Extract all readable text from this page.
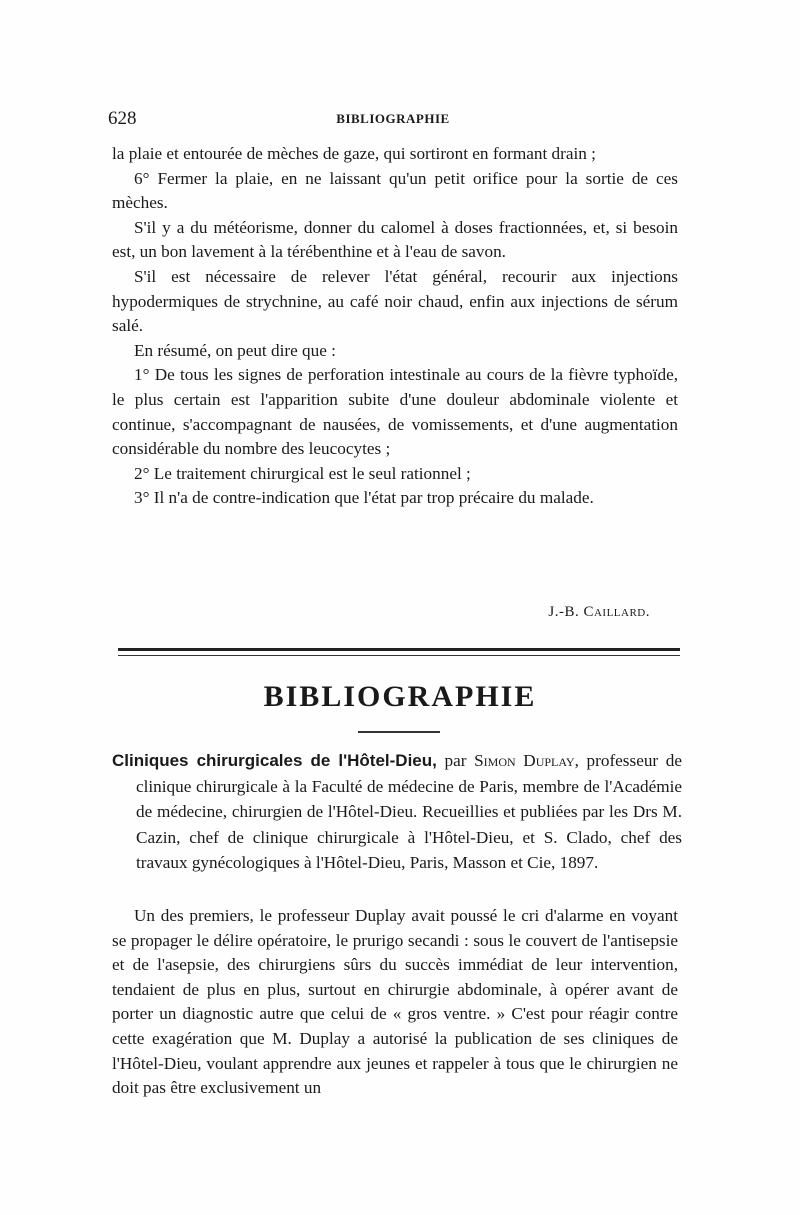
628	BIBLIOGRAPHIE

la plaie et entourée de mèches de gaze, qui sortiront en formant drain ;

6° Fermer la plaie, en ne laissant qu'un petit orifice pour la sortie de ces mèches.

S'il y a du météorisme, donner du calomel à doses fractionnées, et, si besoin est, un bon lavement à la térébenthine et à l'eau de savon.

S'il est nécessaire de relever l'état général, recourir aux injections hypodermiques de strychnine, au café noir chaud, enfin aux injections de sérum salé.

En résumé, on peut dire que :

1° De tous les signes de perforation intestinale au cours de la fièvre typhoïde, le plus certain est l'apparition subite d'une douleur abdominale violente et continue, s'accompagnant de nausées, de vomissements, et d'une augmentation considérable du nombre des leucocytes ;

2° Le traitement chirurgical est le seul rationnel ;

3° Il n'a de contre-indication que l'état par trop précaire du malade.

J.-B. Caillard.
BIBLIOGRAPHIE

Cliniques chirurgicales de l'Hôtel-Dieu, par Simon Duplay, professeur de clinique chirurgicale à la Faculté de médecine de Paris, membre de l'Académie de médecine, chirurgien de l'Hôtel-Dieu. Recueillies et publiées par les Drs M. Cazin, chef de clinique chirurgicale à l'Hôtel-Dieu, et S. Clado, chef des travaux gynécologiques à l'Hôtel-Dieu, Paris, Masson et Cie, 1897.

Un des premiers, le professeur Duplay avait poussé le cri d'alarme en voyant se propager le délire opératoire, le prurigo secandi : sous le couvert de l'antisepsie et de l'asepsie, des chirurgiens sûrs du succès immédiat de leur intervention, tendaient de plus en plus, surtout en chirurgie abdominale, à opérer avant de porter un diagnostic autre que celui de « gros ventre. » C'est pour réagir contre cette exagération que M. Duplay a autorisé la publication de ses cliniques de l'Hôtel-Dieu, voulant apprendre aux jeunes et rappeler à tous que le chirurgien ne doit pas être exclusivement un
